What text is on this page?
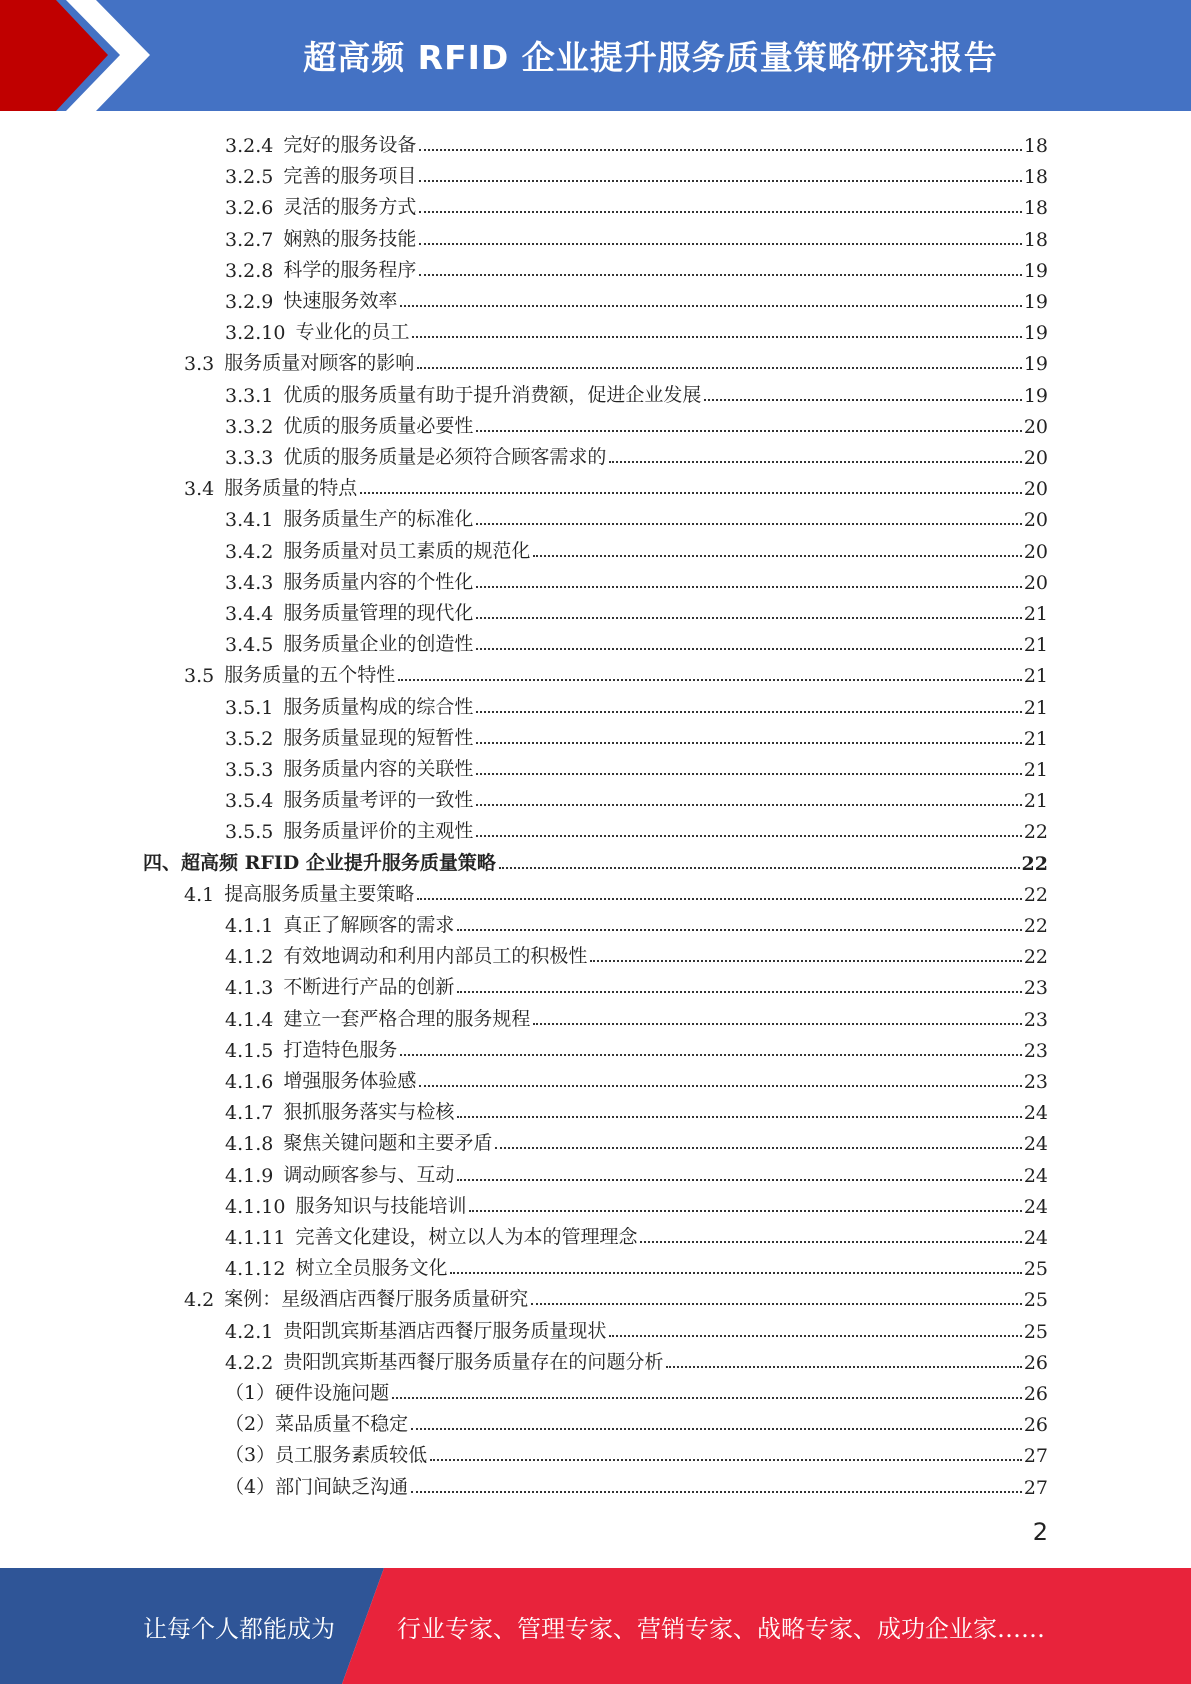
超高频 RFID 企业提升服务质量策略研究报告
3.2.4 完好的服务设备	18
3.2.5 完善的服务项目	18
3.2.6 灵活的服务方式	18
3.2.7 娴熟的服务技能	18
3.2.8 科学的服务程序	19
3.2.9 快速服务效率	19
3.2.10 专业化的员工	19
3.3 服务质量对顾客的影响	19
3.3.1 优质的服务质量有助于提升消费额，促进企业发展	19
3.3.2 优质的服务质量必要性	20
3.3.3 优质的服务质量是必须符合顾客需求的	20
3.4 服务质量的特点	20
3.4.1 服务质量生产的标准化	20
3.4.2 服务质量对员工素质的规范化	20
3.4.3 服务质量内容的个性化	20
3.4.4 服务质量管理的现代化	21
3.4.5 服务质量企业的创造性	21
3.5 服务质量的五个特性	21
3.5.1 服务质量构成的综合性	21
3.5.2 服务质量显现的短暂性	21
3.5.3 服务质量内容的关联性	21
3.5.4 服务质量考评的一致性	21
3.5.5 服务质量评价的主观性	22
四、超高频 RFID 企业提升服务质量策略	22
4.1 提高服务质量主要策略	22
4.1.1 真正了解顾客的需求	22
4.1.2 有效地调动和利用内部员工的积极性	22
4.1.3 不断进行产品的创新	23
4.1.4 建立一套严格合理的服务规程	23
4.1.5 打造特色服务	23
4.1.6 增强服务体验感	23
4.1.7 狠抓服务落实与检核	24
4.1.8 聚焦关键问题和主要矛盾	24
4.1.9 调动顾客参与、互动	24
4.1.10 服务知识与技能培训	24
4.1.11 完善文化建设，树立以人为本的管理理念	24
4.1.12 树立全员服务文化	25
4.2 案例：星级酒店西餐厅服务质量研究	25
4.2.1 贵阳凯宾斯基酒店西餐厅服务质量现状	25
4.2.2 贵阳凯宾斯基西餐厅服务质量存在的问题分析	26
（1）硬件设施问题	26
（2）菜品质量不稳定	26
（3）员工服务素质较低	27
（4）部门间缺乏沟通	27
2
让每个人都能成为	行业专家、管理专家、营销专家、战略专家、成功企业家……
